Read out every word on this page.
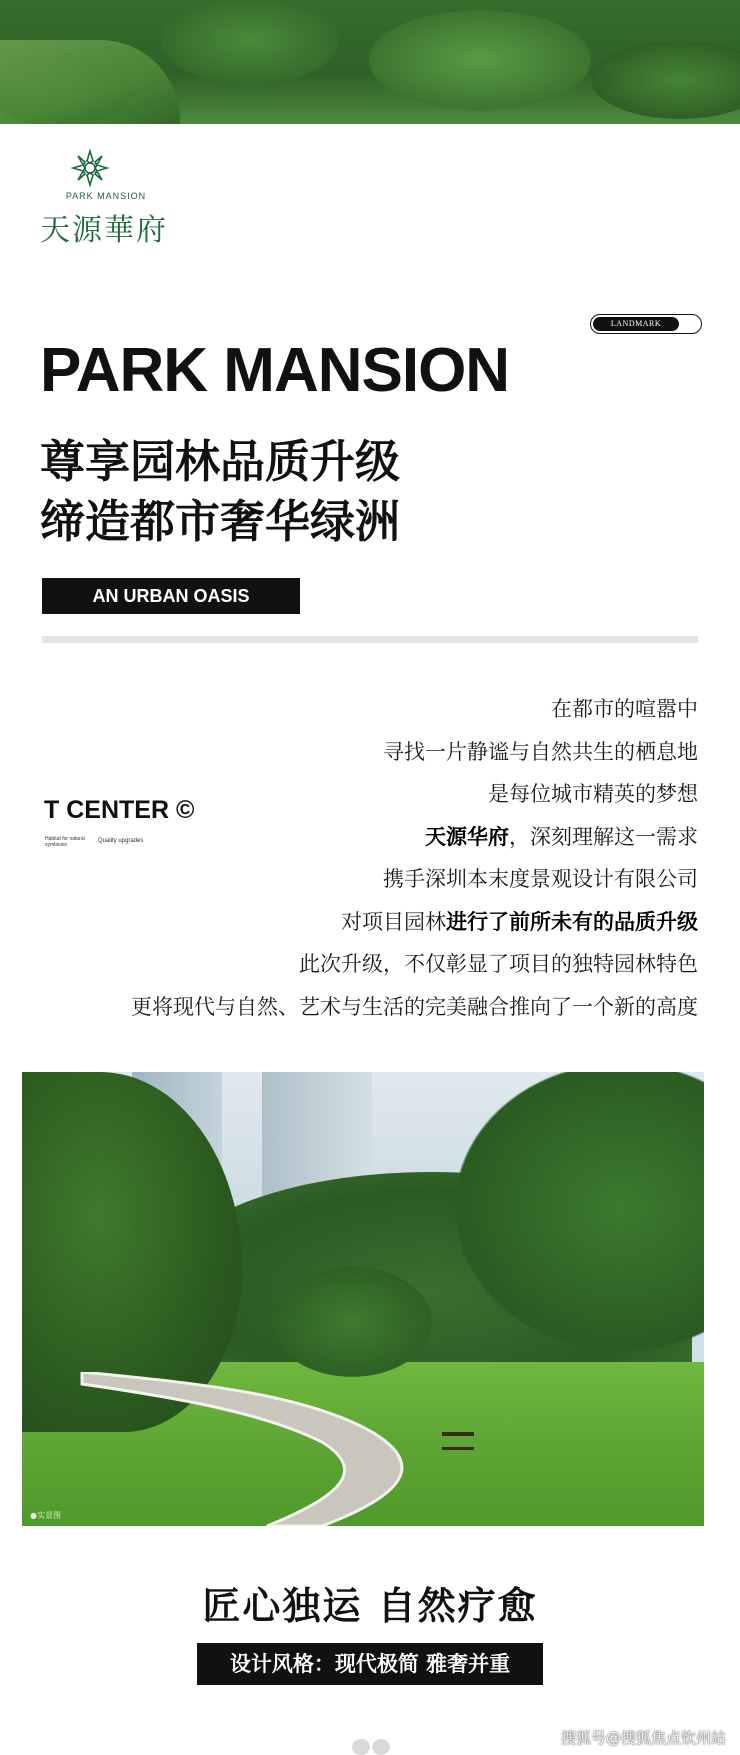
PARK MANSION
天源華府
LANDMARK
PARK MANSION
尊享园林品质升级
缔造都市奢华绿洲
AN URBAN OASIS
T CENTER ©
Habitat for natural symbiosis
Quality upgrades
在都市的喧嚣中
寻找一片静谧与自然共生的栖息地
是每位城市精英的梦想
天源华府，深刻理解这一需求
携手深圳本末度景观设计有限公司
对项目园林进行了前所未有的品质升级
此次升级，不仅彰显了项目的独特园林特色
更将现代与自然、艺术与生活的完美融合推向了一个新的高度
●实景图
匠心独运 自然疗愈
设计风格：现代极简 雅奢并重
搜狐号@搜狐焦点钦州站
